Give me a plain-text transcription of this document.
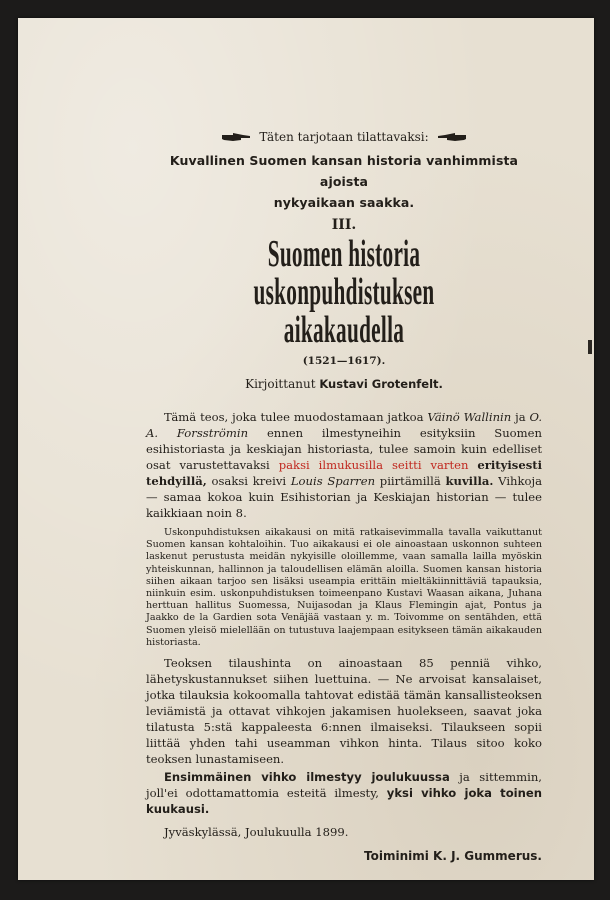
Täten tarjotaan tilattavaksi:
Kuvallinen Suomen kansan historia vanhimmista ajoista
nykyaikaan saakka.
III.
Suomen historia uskonpuhdistuksen
aikakaudella
(1521—1617).
Kirjoittanut Kustavi Grotenfelt.
Tämä teos, joka tulee muodostamaan jatkoa Väinö Wallinin ja O. A. Forsströmin ennen ilmestyneihin esityksiin Suomen esihistoriasta ja keskiajan historiasta, tulee samoin kuin edelliset osat varustettavaksi paksi ilmukusilla seitti varten erityisesti tehdyillä, osaksi kreivi Louis Sparren piirtämillä kuvilla. Vihkoja — samaa kokoa kuin Esihistorian ja Keskiajan historian — tulee kaikkiaan noin 8.
Uskonpuhdistuksen aikakausi on mitä ratkaisevimmalla tavalla vaikuttanut Suomen kansan kohtaloihin. Tuo aikakausi ei ole ainoastaan uskonnon suhteen laskenut perustusta meidän nykyisille oloillemme, vaan samalla lailla myöskin yhteiskunnan, hallinnon ja taloudellisen elämän aloilla. Suomen kansan historia siihen aikaan tarjoo sen lisäksi useampia erittäin mieltäkiinnittäviä tapauksia, niinkuin esim. uskonpuhdistuksen toimeenpano Kustavi Waasan aikana, Juhana herttuan hallitus Suomessa, Nuijasodan ja Klaus Flemingin ajat, Pontus ja Jaakko de la Gardien sota Venäjää vastaan y. m. Toivomme on sentähden, että Suomen yleisö mielellään on tutustuva laajempaan esitykseen tämän aikakauden historiasta.
Teoksen tilaushinta on ainoastaan 85 penniä vihko, lähetyskustannukset siihen luettuina. — Ne arvoisat kansalaiset, jotka tilauksia kokoomalla tahtovat edistää tämän kansallisteoksen leviämistä ja ottavat vihkojen jakamisen huolekseen, saavat joka tilatusta 5:stä kappaleesta 6:nnen ilmaiseksi. Tilaukseen sopii liittää yhden tahi useamman vihkon hinta. Tilaus sitoo koko teoksen lunastamiseen.
Ensimmäinen vihko ilmestyy joulukuussa ja sittemmin, joll'ei odottamattomia esteitä ilmesty, yksi vihko joka toinen kuukausi.
Jyväskylässä, Joulukuulla 1899.
Toiminimi K. J. Gummerus.
